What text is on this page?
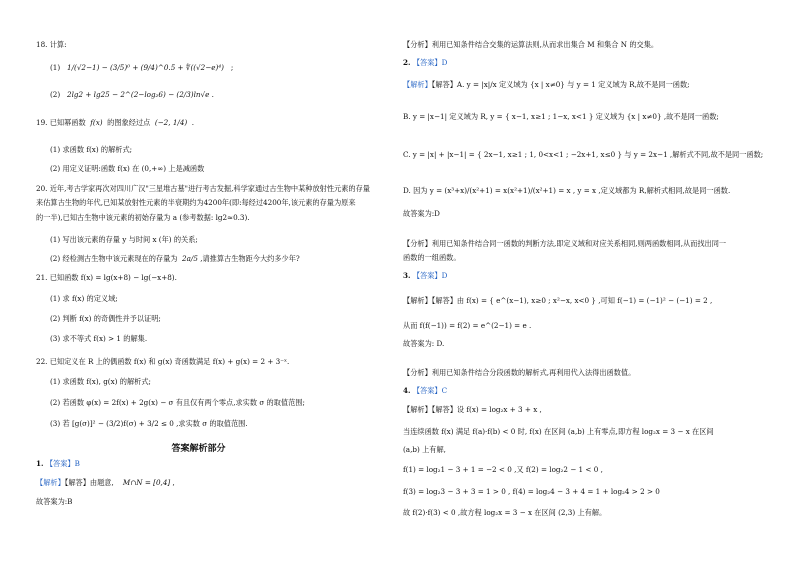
18. 计算:
(1) 1/(√2−1) − (3/5)⁰ + (9/4)^0.5 + ∜((√2−e)⁴) ;
(2) 2lg2 + lg25 − 2^(2−log₂6) − (2/3)ln√e .
19. 已知幂函数 f(x) 的图象经过点 (−2, 1/4) .
(1) 求函数 f(x) 的解析式;
(2) 用定义证明:函数 f(x) 在 (0,+∞) 上是减函数
20. 近年,考古学家再次对四川广汉"三星堆古墓"进行考古发掘,科学家通过古生物中某种放射性元素的存量
来估算古生物的年代,已知某放射性元素的半衰期约为4200年(即:每经过4200年,该元素的存量为原来
的一半),已知古生物中该元素的初始存量为 a (参考数据: lg2≈0.3).
(1) 写出该元素的存量 y 与时间 x (年) 的关系;
(2) 经检测古生物中该元素现在的存量为 2a/5 ,请推算古生物距今大约多少年?
21. 已知函数 f(x) = lg(x+8) − lg(−x+8).
(1) 求 f(x) 的定义域;
(2) 判断 f(x) 的奇偶性并予以证明;
(3) 求不等式 f(x) > 1 的解集.
22. 已知定义在 R 上的偶函数 f(x) 和 g(x) 奇函数满足 f(x) + g(x) = 2 + 3⁻ˣ.
(1) 求函数 f(x), g(x) 的解析式;
(2) 若函数 φ(x) = 2f(x) + 2g(x) − σ 有且仅有两个零点,求实数 σ 的取值范围;
(3) 若 [g(σ)]² − (3/2)f(σ) + 3/2 ≤ 0 ,求实数 σ 的取值范围.
答案解析部分
1. 【答案】B
【解析】【解答】由题意, M∩N = [0,4] ,
故答案为:B
【分析】利用已知条件结合交集的运算法则,从而求出集合 M 和集合 N 的交集。
2. 【答案】D
【解析】【解答】A. y = |x|/x 定义域为 {x | x≠0} 与 y = 1 定义域为 R,故不是同一函数;
B. y = |x−1| 定义域为 R, y = { x−1, x≥1 ; 1−x, x<1 } 定义域为 {x | x≠0} ,故不是同一函数;
C. y = |x| + |x−1| = { 2x−1, x≥1 ; 1, 0<x<1 ; −2x+1, x≤0 } 与 y = 2x−1 ,解析式不同,故不是同一函数;
D. 因为 y = (x³+x)/(x²+1) = x(x²+1)/(x²+1) = x , y = x ,定义域都为 R,解析式相同,故是同一函数.
故答案为:D
【分析】利用已知条件结合同一函数的判断方法,即定义域和对应关系相同,则两函数相同,从而找出同一
函数的一组函数。
3. 【答案】D
【解析】【解答】由 f(x) = { e^(x−1), x≥0 ; x²−x, x<0 } ,可知 f(−1) = (−1)² − (−1) = 2 ,
从而 f(f(−1)) = f(2) = e^(2−1) = e .
故答案为: D.
【分析】利用已知条件结合分段函数的解析式,再利用代入法得出函数值。
4. 【答案】C
【解析】【解答】设 f(x) = log₂x + 3 + x ,
当连续函数 f(x) 满足 f(a)·f(b) < 0 时, f(x) 在区间 (a,b) 上有零点,即方程 log₂x = 3 − x 在区间
(a,b) 上有解,
f(1) = log₂1 − 3 + 1 = −2 < 0 ,又 f(2) = log₂2 − 1 < 0 ,
f(3) = log₂3 − 3 + 3 = 1 > 0 , f(4) = log₂4 − 3 + 4 = 1 + log₂4 > 2 > 0
故 f(2)·f(3) < 0 ,故方程 log₂x = 3 − x 在区间 (2,3) 上有解。
